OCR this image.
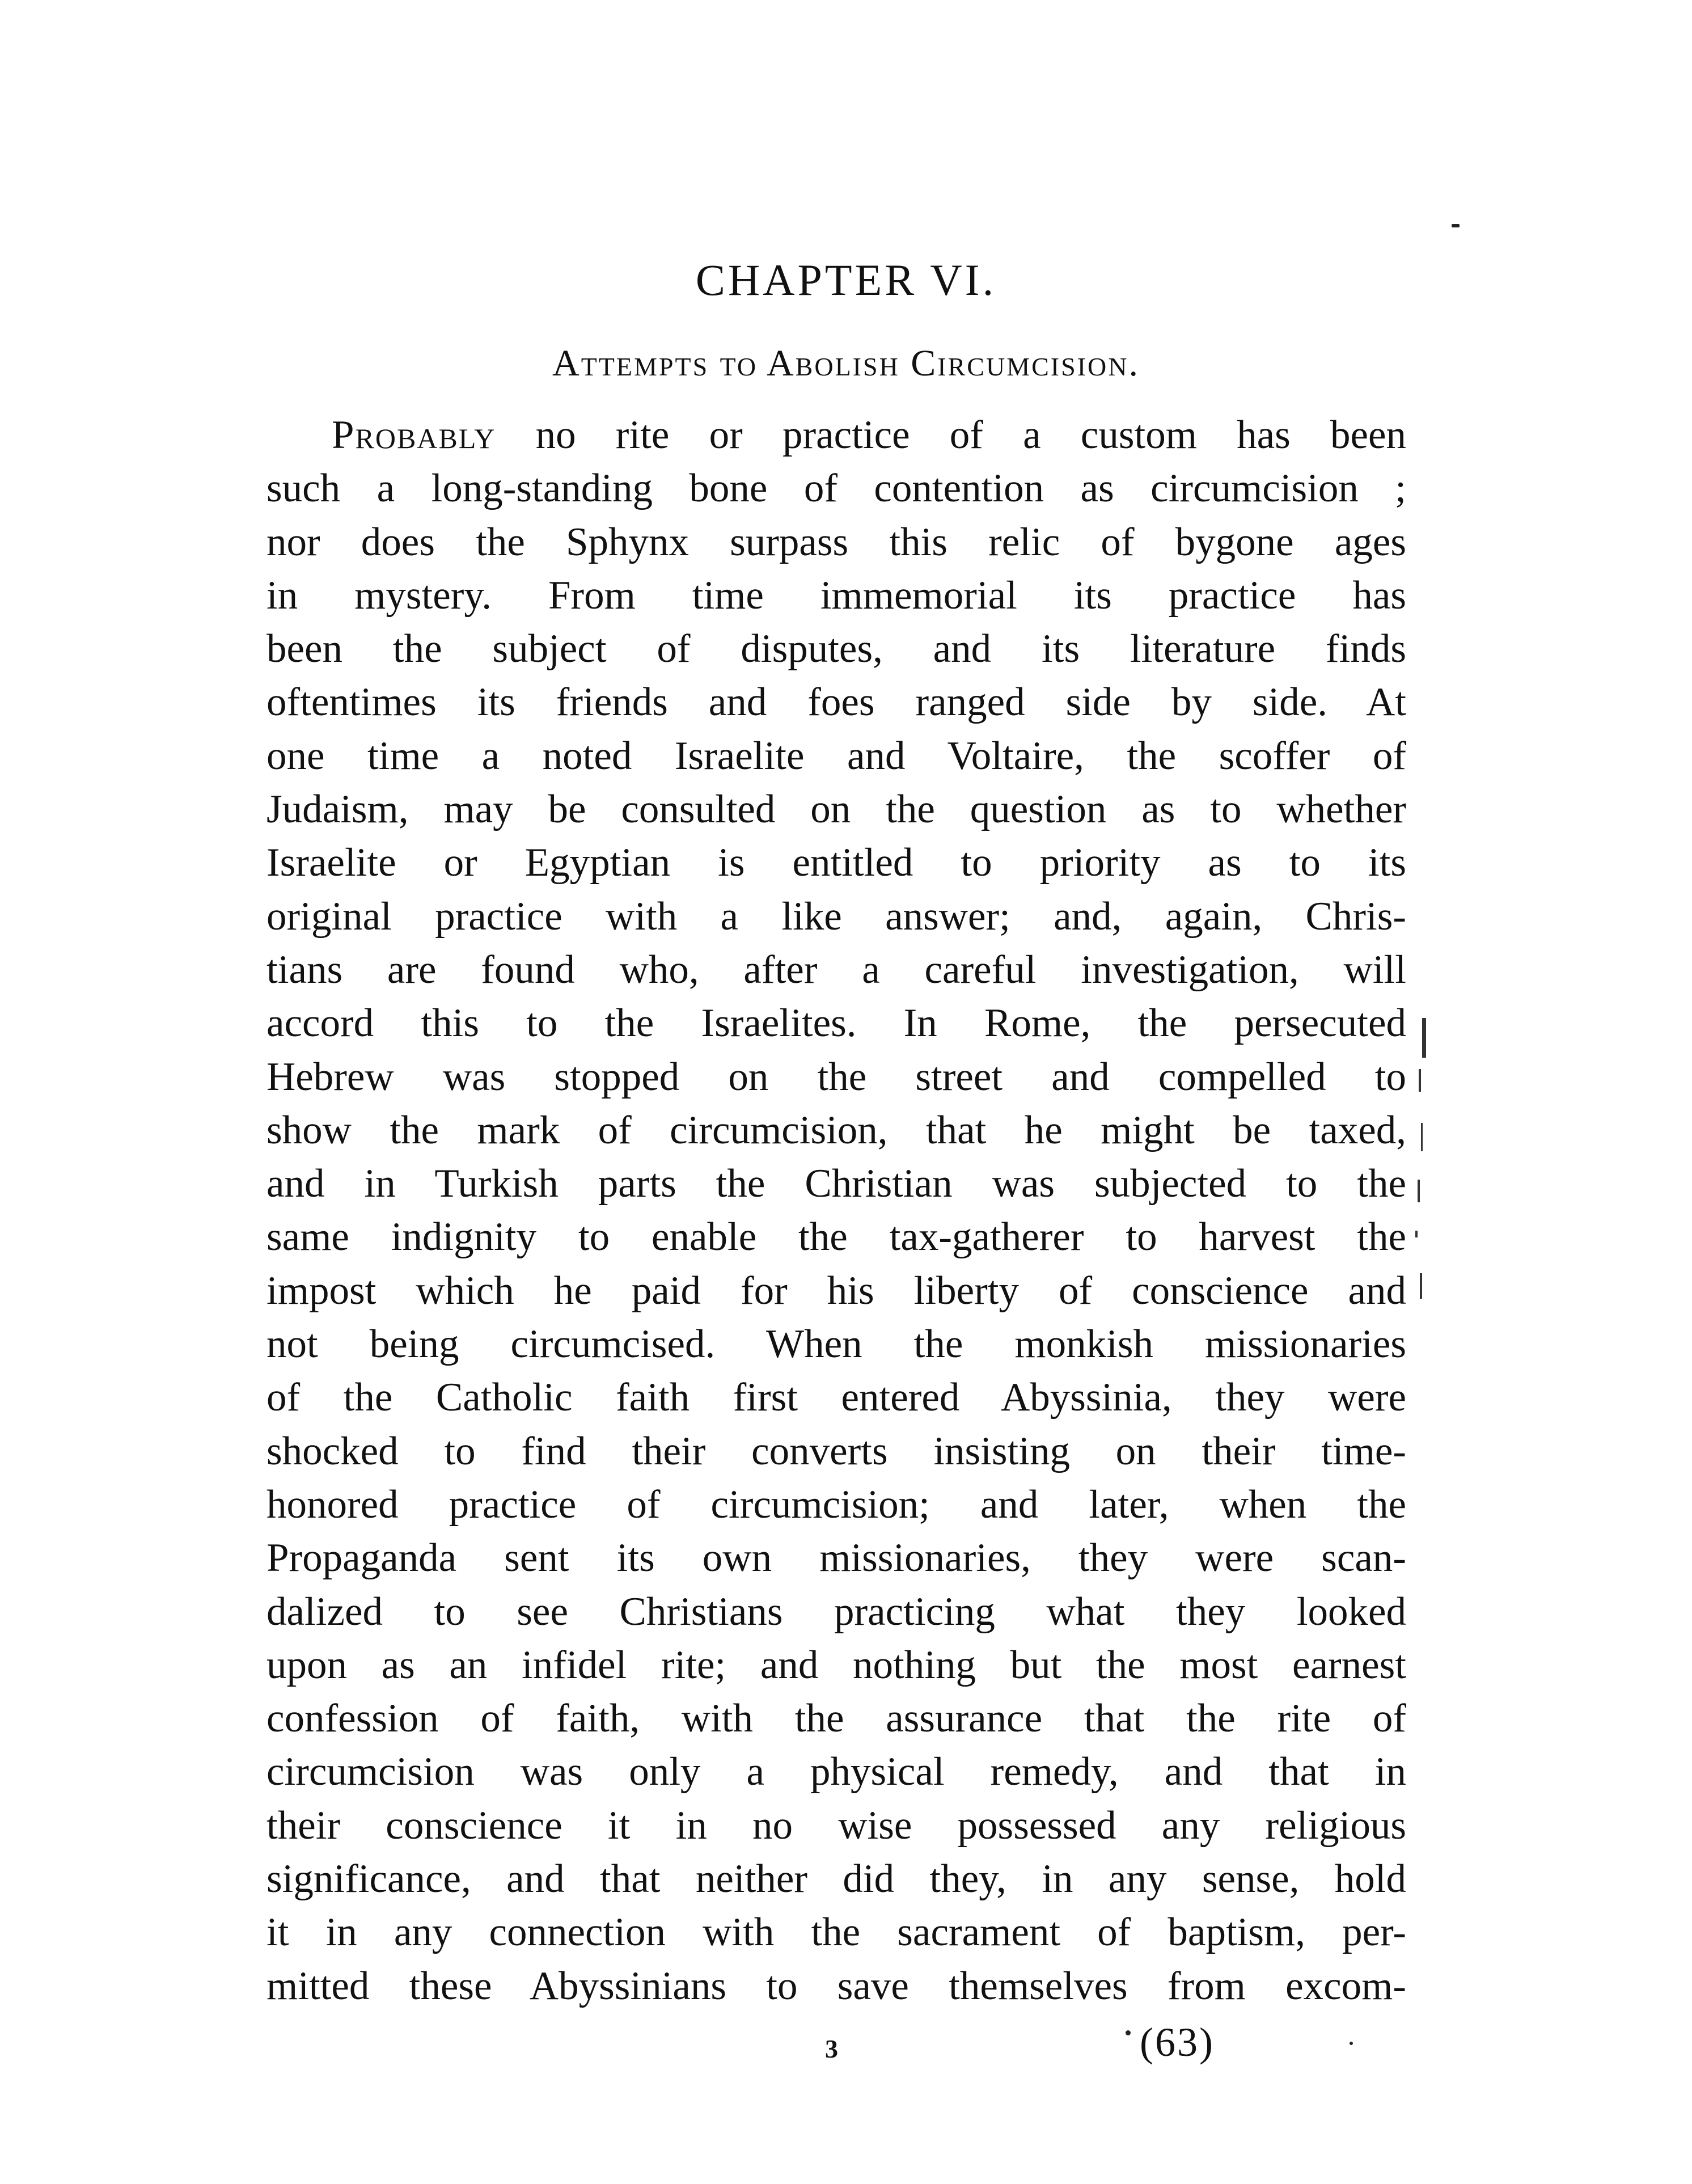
CHAPTER VI.
Attempts to Abolish Circumcision.
Probably no rite or practice of a custom has been
such a long-standing bone of contention as circumcision ;
nor does the Sphynx surpass this relic of bygone ages
in mystery. From time immemorial its practice has
been the subject of disputes, and its literature finds
oftentimes its friends and foes ranged side by side. At
one time a noted Israelite and Voltaire, the scoffer of
Judaism, may be consulted on the question as to whether
Israelite or Egyptian is entitled to priority as to its
original practice with a like answer; and, again, Chris-
tians are found who, after a careful investigation, will
accord this to the Israelites. In Rome, the persecuted
Hebrew was stopped on the street and compelled to
show the mark of circumcision, that he might be taxed,
and in Turkish parts the Christian was subjected to the
same indignity to enable the tax-gatherer to harvest the
impost which he paid for his liberty of conscience and
not being circumcised. When the monkish missionaries
of the Catholic faith first entered Abyssinia, they were
shocked to find their converts insisting on their time-
honored practice of circumcision; and later, when the
Propaganda sent its own missionaries, they were scan-
dalized to see Christians practicing what they looked
upon as an infidel rite; and nothing but the most earnest
confession of faith, with the assurance that the rite of
circumcision was only a physical remedy, and that in
their conscience it in no wise possessed any religious
significance, and that neither did they, in any sense, hold
it in any connection with the sacrament of baptism, per-
mitted these Abyssinians to save themselves from excom-
3	(63)
